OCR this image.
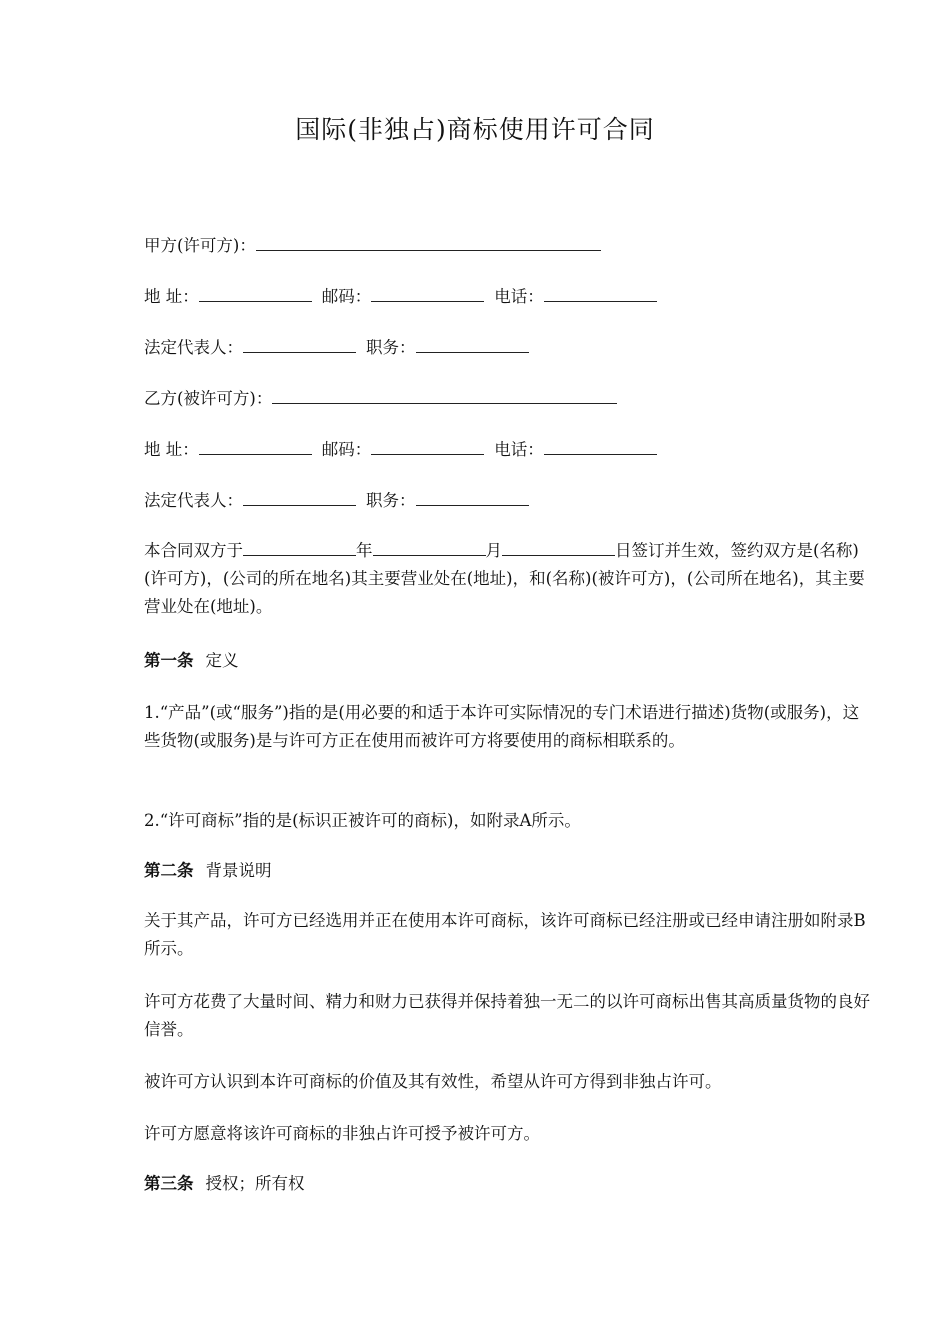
国际(非独占)商标使用许可合同
甲方(许可方)：
地 址：	邮码：	电话：
法定代表人：	职务：
乙方(被许可方)：
地 址：	邮码：	电话：
法定代表人：	职务：
本合同双方于	年	月	日签订并生效，签约双方是(名称)(许可方)，(公司的所在地名)其主要营业处在(地址)，和(名称)(被许可方)，(公司所在地名)，其主要营业处在(地址)。
第一条 定义
1.“产品”(或“服务”)指的是(用必要的和适于本许可实际情况的专门术语进行描述)货物(或服务)，这些货物(或服务)是与许可方正在使用而被许可方将要使用的商标相联系的。
2.“许可商标”指的是(标识正被许可的商标)，如附录A所示。
第二条 背景说明
关于其产品，许可方已经选用并正在使用本许可商标，该许可商标已经注册或已经申请注册如附录B所示。
许可方花费了大量时间、精力和财力已获得并保持着独一无二的以许可商标出售其高质量货物的良好信誉。
被许可方认识到本许可商标的价值及其有效性，希望从许可方得到非独占许可。
许可方愿意将该许可商标的非独占许可授予被许可方。
第三条 授权；所有权
